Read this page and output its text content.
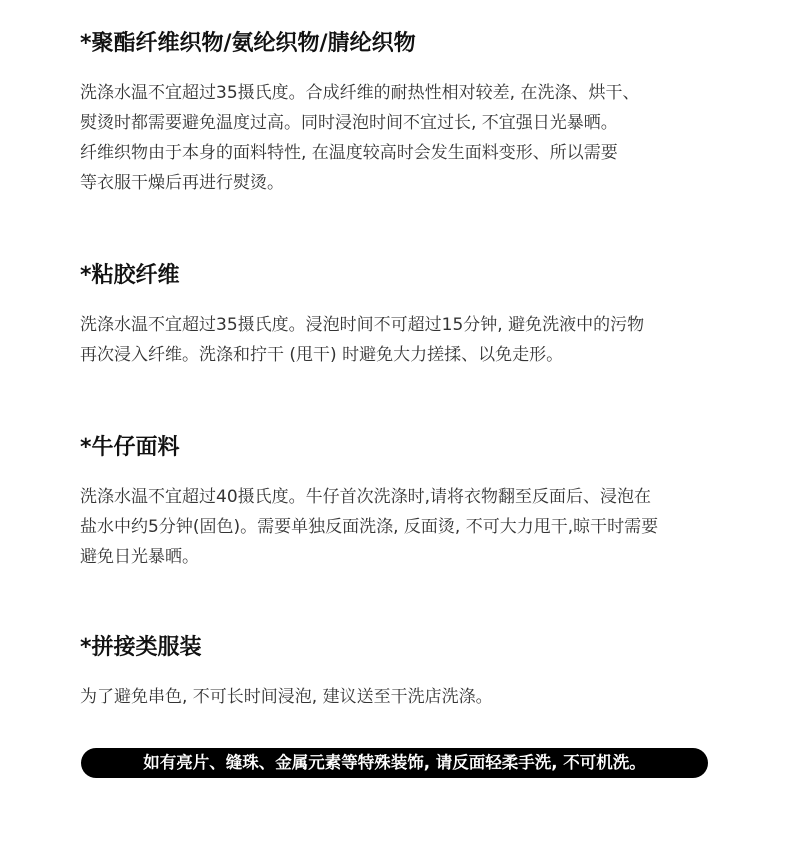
*聚酯纤维织物/氨纶织物/腈纶织物
洗涤水温不宜超过35摄氏度。合成纤维的耐热性相对较差, 在洗涤、烘干、
熨烫时都需要避免温度过高。同时浸泡时间不宜过长, 不宜强日光暴晒。
纤维织物由于本身的面料特性, 在温度较高时会发生面料变形、所以需要
等衣服干燥后再进行熨烫。
*粘胶纤维
洗涤水温不宜超过35摄氏度。浸泡时间不可超过15分钟, 避免洗液中的污物
再次浸入纤维。洗涤和拧干 (甩干) 时避免大力搓揉、以免走形。
*牛仔面料
洗涤水温不宜超过40摄氏度。牛仔首次洗涤时,请将衣物翻至反面后、浸泡在
盐水中约5分钟(固色)。需要单独反面洗涤, 反面烫, 不可大力甩干,晾干时需要
避免日光暴晒。
*拼接类服装
为了避免串色, 不可长时间浸泡, 建议送至干洗店洗涤。
如有亮片、缝珠、金属元素等特殊装饰, 请反面轻柔手洗, 不可机洗。
